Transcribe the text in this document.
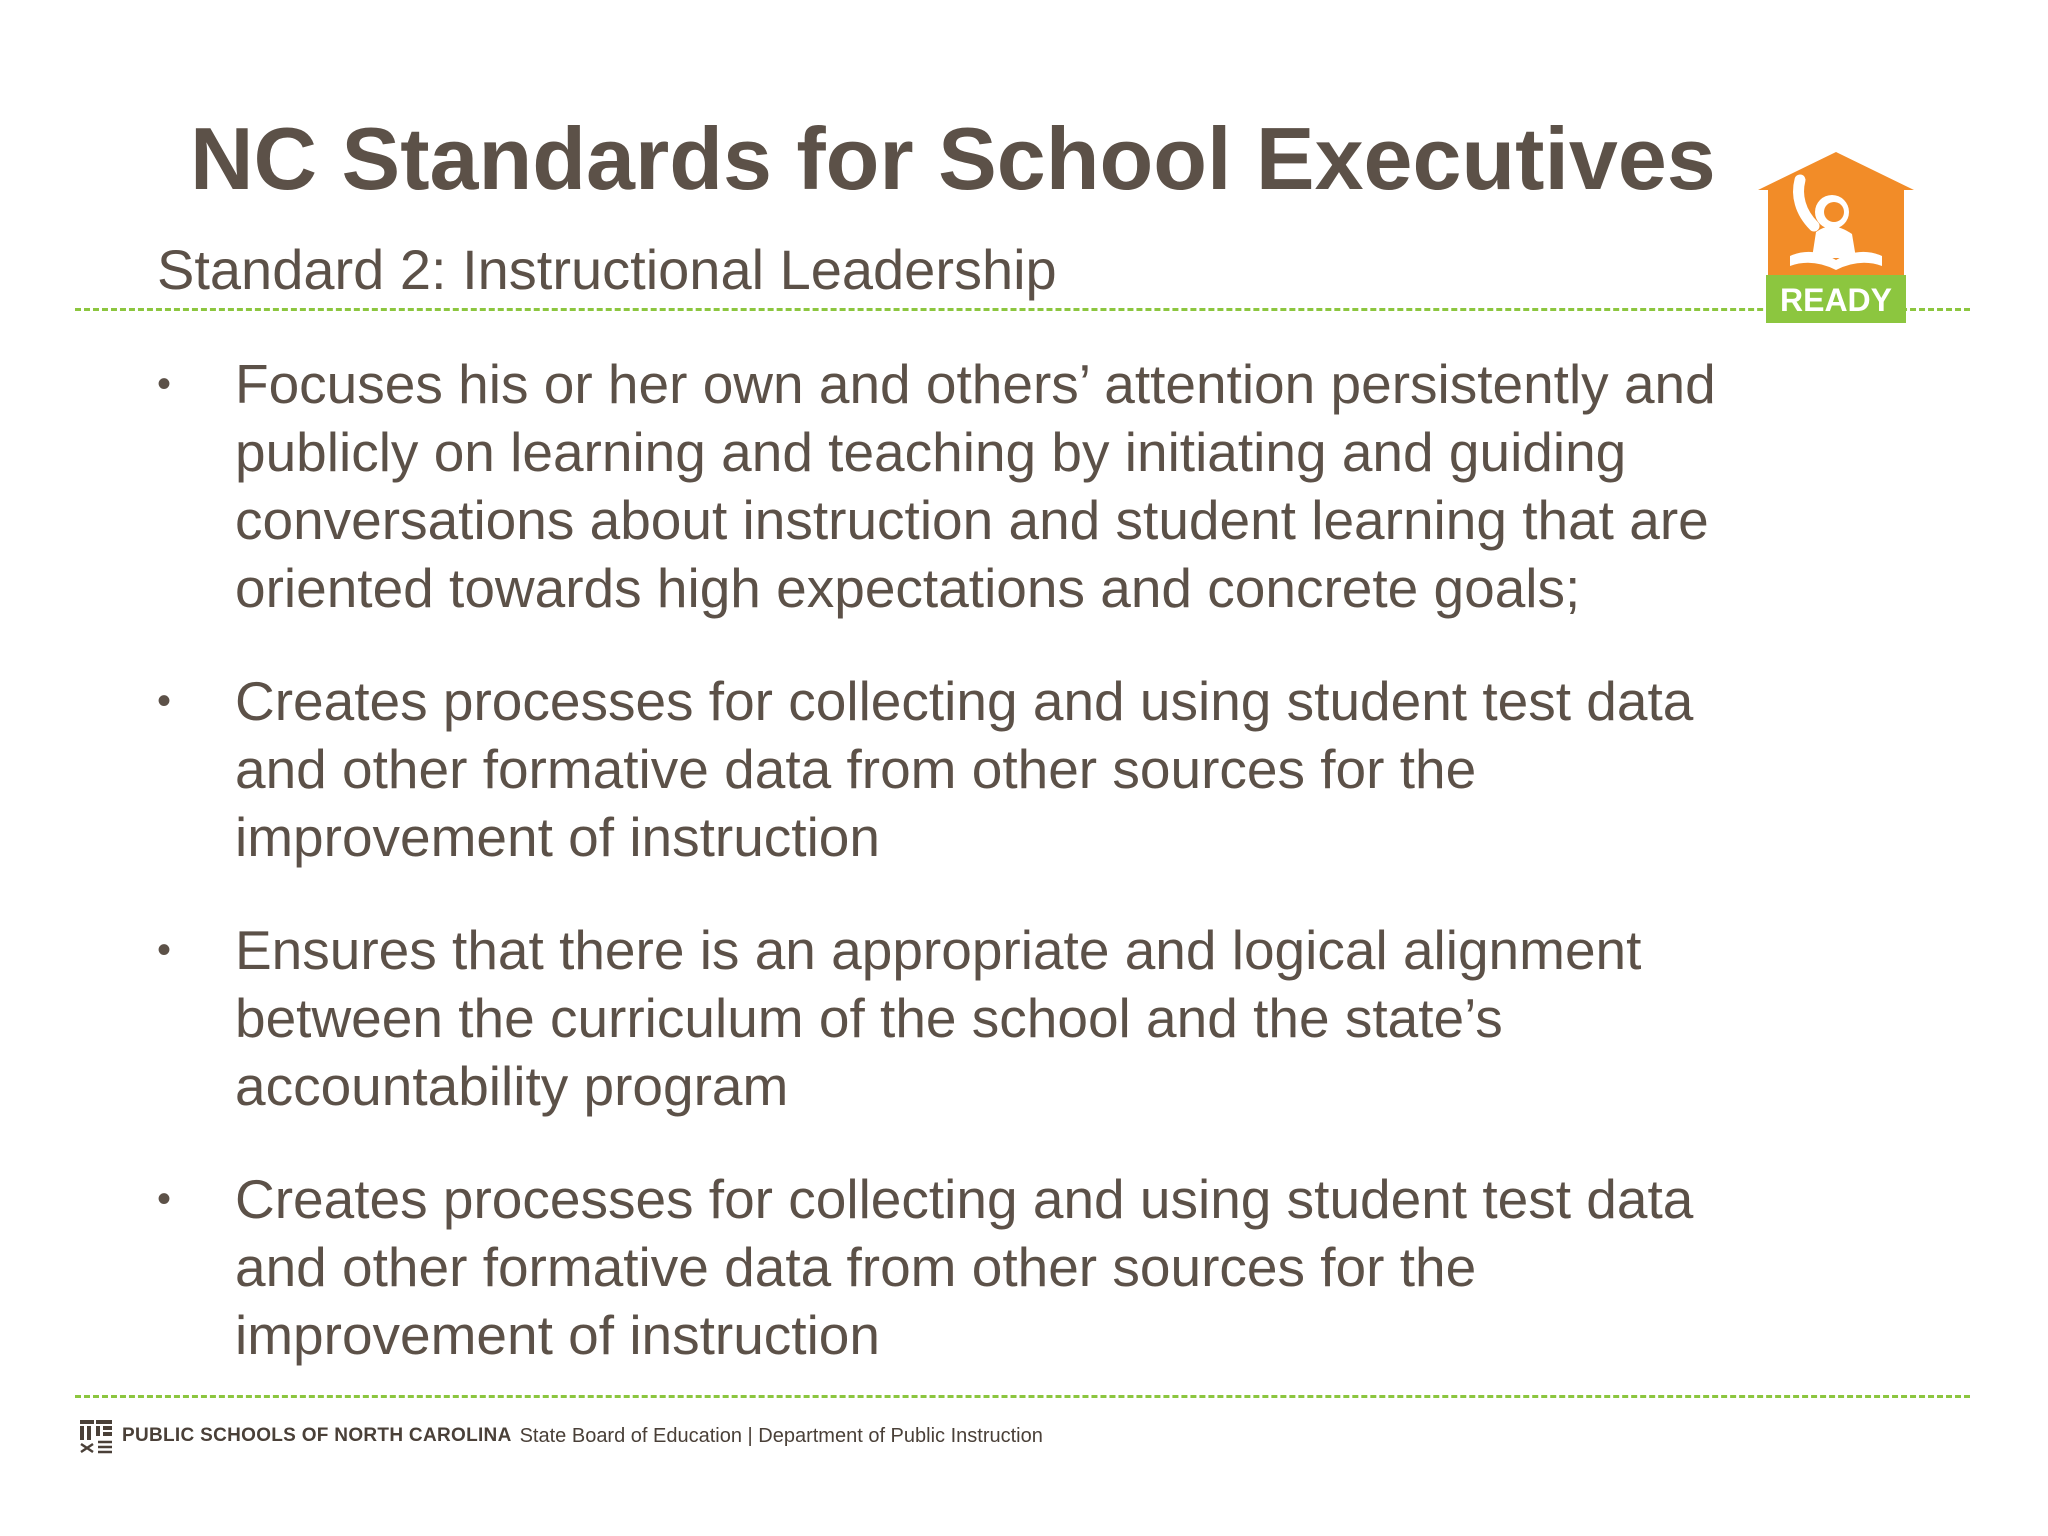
NC Standards for School Executives
Standard 2: Instructional Leadership	READY
• Focuses his or her own and others’ attention persistently and publicly on learning and teaching by initiating and guiding conversations about instruction and student learning that are oriented towards high expectations and concrete goals;
• Creates processes for collecting and using student test data and other formative data from other sources for the improvement of instruction
• Ensures that there is an appropriate and logical alignment between the curriculum of the school and the state’s accountability program
• Creates processes for collecting and using student test data and other formative data from other sources for the improvement of instruction
PUBLIC SCHOOLS OF NORTH CAROLINA State Board of Education | Department of Public Instruction
